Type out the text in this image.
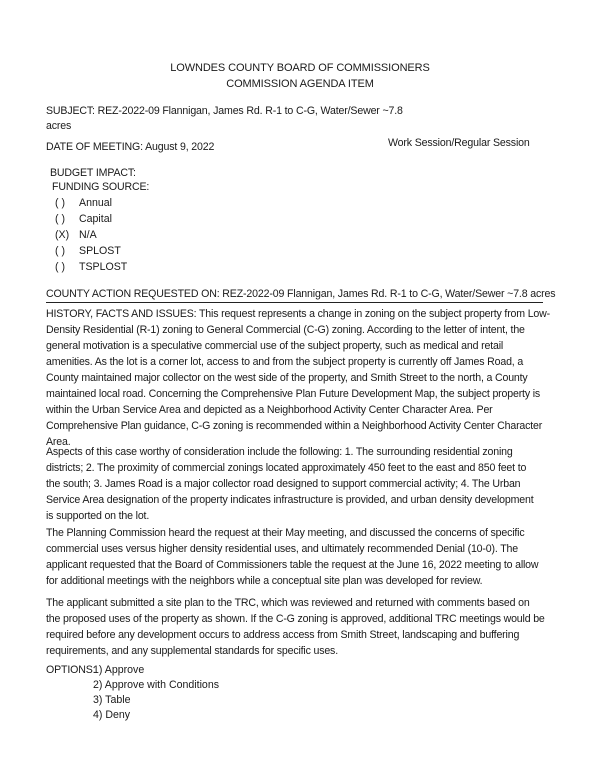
LOWNDES COUNTY BOARD OF COMMISSIONERS
COMMISSION AGENDA ITEM
SUBJECT: REZ-2022-09 Flannigan, James Rd. R-1 to C-G, Water/Sewer ~7.8
acres
DATE OF MEETING: August 9, 2022	Work Session/Regular Session
BUDGET IMPACT:
FUNDING SOURCE:
( ) Annual
( ) Capital
(X) N/A
( ) SPLOST
( ) TSPLOST
COUNTY ACTION REQUESTED ON: REZ-2022-09 Flannigan, James Rd. R-1 to C-G, Water/Sewer ~7.8 acres
HISTORY, FACTS AND ISSUES: This request represents a change in zoning on the subject property from Low-
Density Residential (R-1) zoning to General Commercial (C-G) zoning. According to the letter of intent, the
general motivation is a speculative commercial use of the subject property, such as medical and retail
amenities. As the lot is a corner lot, access to and from the subject property is currently off James Road, a
County maintained major collector on the west side of the property, and Smith Street to the north, a County
maintained local road. Concerning the Comprehensive Plan Future Development Map, the subject property is
within the Urban Service Area and depicted as a Neighborhood Activity Center Character Area. Per
Comprehensive Plan guidance, C-G zoning is recommended within a Neighborhood Activity Center Character
Area.
Aspects of this case worthy of consideration include the following: 1. The surrounding residential zoning
districts; 2. The proximity of commercial zonings located approximately 450 feet to the east and 850 feet to
the south; 3. James Road is a major collector road designed to support commercial activity; 4. The Urban
Service Area designation of the property indicates infrastructure is provided, and urban density development
is supported on the lot.
The Planning Commission heard the request at their May meeting, and discussed the concerns of specific
commercial uses versus higher density residential uses, and ultimately recommended Denial (10-0). The
applicant requested that the Board of Commissioners table the request at the June 16, 2022 meeting to allow
for additional meetings with the neighbors while a conceptual site plan was developed for review.
The applicant submitted a site plan to the TRC, which was reviewed and returned with comments based on
the proposed uses of the property as shown. If the C-G zoning is approved, additional TRC meetings would be
required before any development occurs to address access from Smith Street, landscaping and buffering
requirements, and any supplemental standards for specific uses.
OPTIONS:
1) Approve
2) Approve with Conditions
3) Table
4) Deny
